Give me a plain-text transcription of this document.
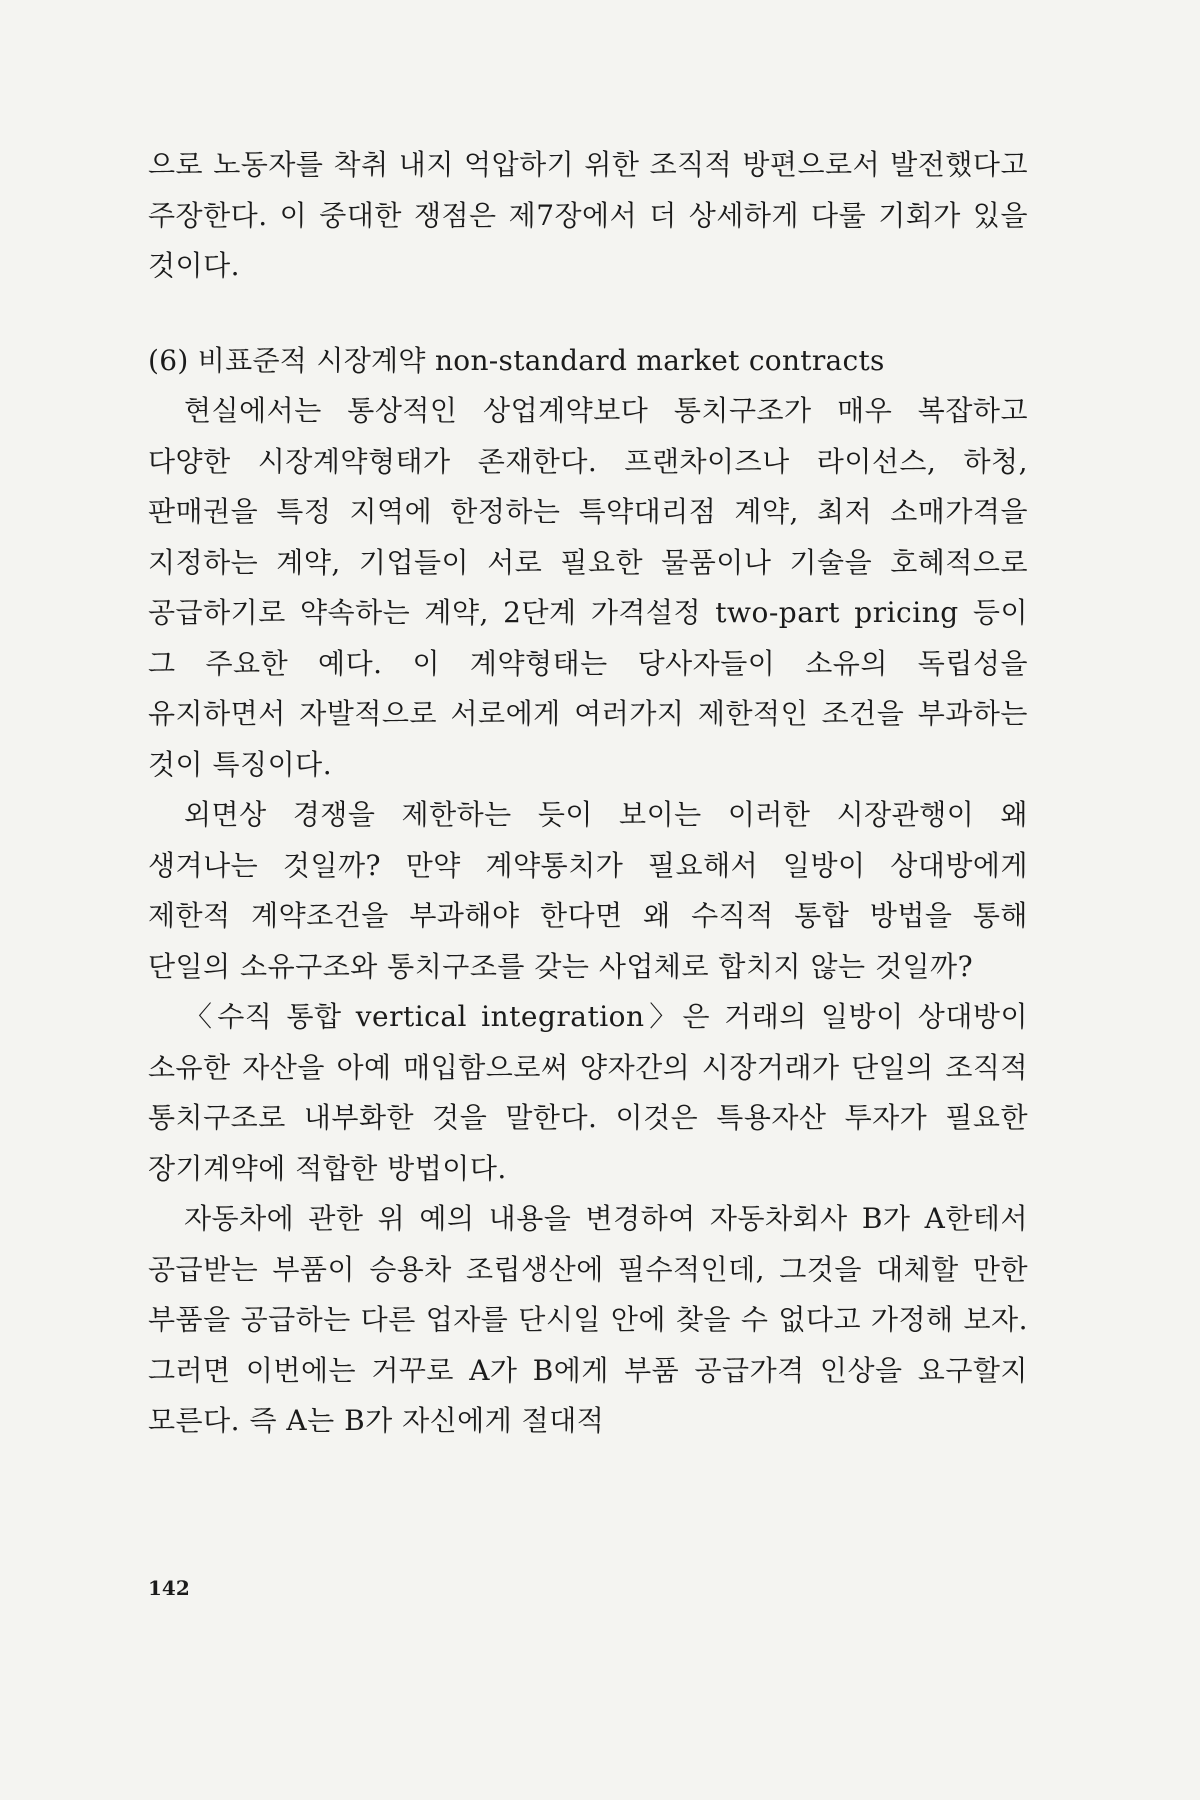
으로 노동자를 착취 내지 억압하기 위한 조직적 방편으로서 발전했다고 주장한다. 이 중대한 쟁점은 제7장에서 더 상세하게 다룰 기회가 있을 것이다.

(6) 비표준적 시장계약 non-standard market contracts

현실에서는 통상적인 상업계약보다 통치구조가 매우 복잡하고 다양한 시장계약형태가 존재한다. 프랜차이즈나 라이선스, 하청, 판매권을 특정 지역에 한정하는 특약대리점 계약, 최저 소매가격을 지정하는 계약, 기업들이 서로 필요한 물품이나 기술을 호혜적으로 공급하기로 약속하는 계약, 2단계 가격설정 two-part pricing 등이 그 주요한 예다. 이 계약형태는 당사자들이 소유의 독립성을 유지하면서 자발적으로 서로에게 여러가지 제한적인 조건을 부과하는 것이 특징이다.

외면상 경쟁을 제한하는 듯이 보이는 이러한 시장관행이 왜 생겨나는 것일까? 만약 계약통치가 필요해서 일방이 상대방에게 제한적 계약조건을 부과해야 한다면 왜 수직적 통합 방법을 통해 단일의 소유구조와 통치구조를 갖는 사업체로 합치지 않는 것일까?

〈수직 통합 vertical integration〉은 거래의 일방이 상대방이 소유한 자산을 아예 매입함으로써 양자간의 시장거래가 단일의 조직적 통치구조로 내부화한 것을 말한다. 이것은 특용자산 투자가 필요한 장기계약에 적합한 방법이다.

자동차에 관한 위 예의 내용을 변경하여 자동차회사 B가 A한테서 공급받는 부품이 승용차 조립생산에 필수적인데, 그것을 대체할 만한 부품을 공급하는 다른 업자를 단시일 안에 찾을 수 없다고 가정해 보자. 그러면 이번에는 거꾸로 A가 B에게 부품 공급가격 인상을 요구할지 모른다. 즉 A는 B가 자신에게 절대적

142
